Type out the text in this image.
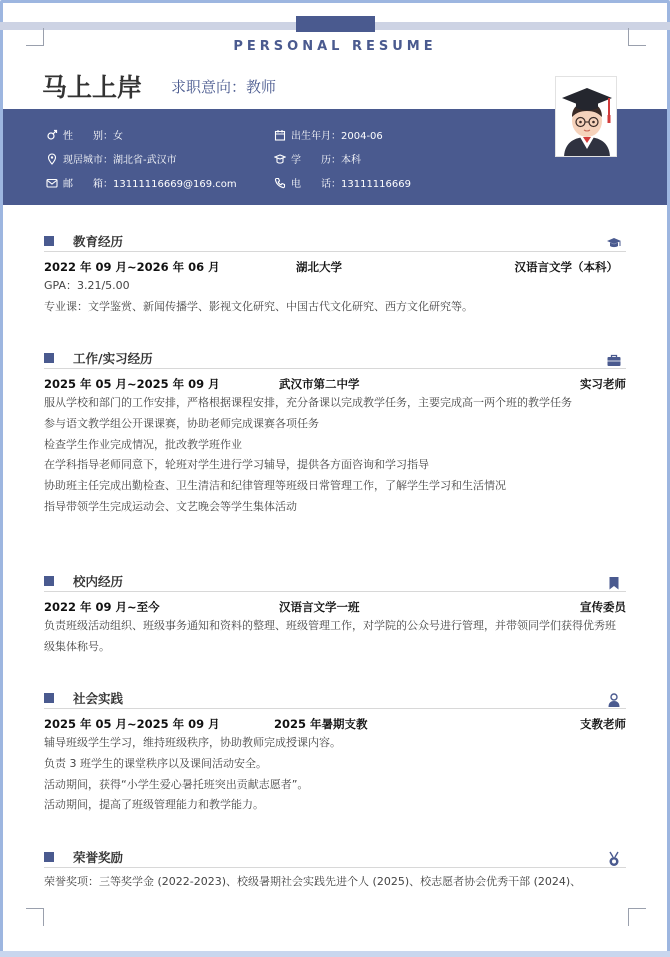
PERSONAL RESUME
马上上岸 求职意向：教师
性　　别：女	出生年月：2004-06
现居城市：湖北省-武汉市	学　　历：本科
邮　　箱：13111116669@169.com	电　　话：13111116669
教育经历
2022 年 09 月~2026 年 06 月	湖北大学	汉语言文学（本科）
GPA：3.21/5.00
专业课：文学鉴赏、新闻传播学、影视文化研究、中国古代文化研究、西方文化研究等。
工作/实习经历
2025 年 05 月~2025 年 09 月	武汉市第二中学	实习老师
服从学校和部门的工作安排，严格根据课程安排，充分备课以完成教学任务，主要完成高一两个班的教学任务
参与语文教学组公开课课赛，协助老师完成课赛各项任务
检查学生作业完成情况，批改教学班作业
在学科指导老师同意下，轮班对学生进行学习辅导，提供各方面咨询和学习指导
协助班主任完成出勤检查、卫生清洁和纪律管理等班级日常管理工作，了解学生学习和生活情况
指导带领学生完成运动会、文艺晚会等学生集体活动
校内经历
2022 年 09 月~至今	汉语言文学一班	宣传委员
负责班级活动组织、班级事务通知和资料的整理、班级管理工作，对学院的公众号进行管理，并带领同学们获得优秀班级集体称号。
社会实践
2025 年 05 月~2025 年 09 月	2025 年暑期支教	支教老师
辅导班级学生学习，维持班级秩序，协助教师完成授课内容。
负责 3 班学生的课堂秩序以及课间活动安全。
活动期间，获得“小学生爱心暑托班突出贡献志愿者”。
活动期间，提高了班级管理能力和教学能力。
荣誉奖励
荣誉奖项：三等奖学金 (2022-2023)、校级暑期社会实践先进个人 (2025)、校志愿者协会优秀干部 (2024)、
